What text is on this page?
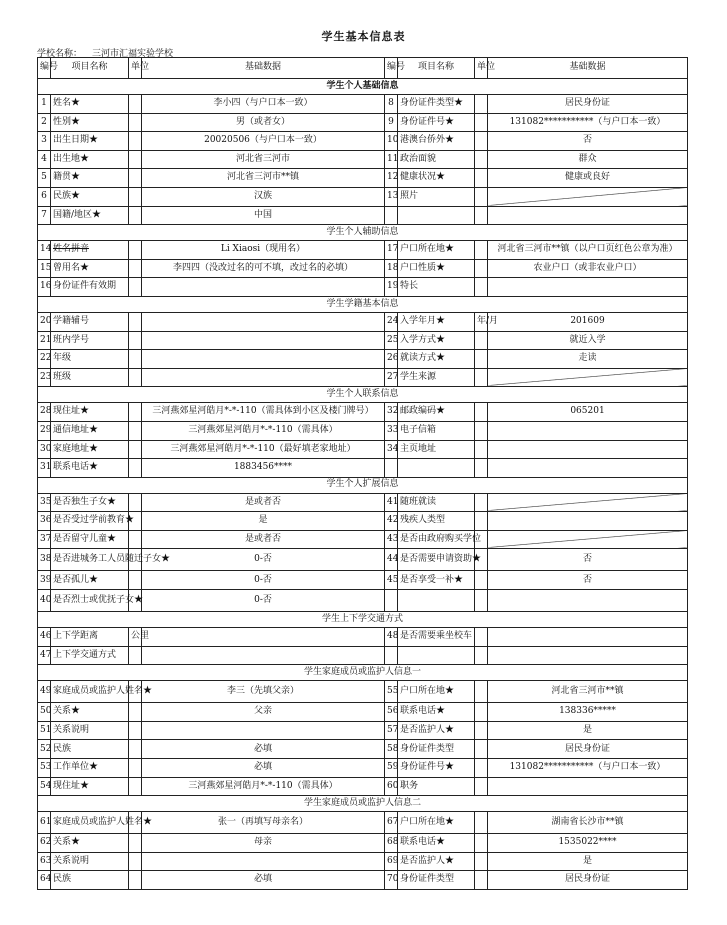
学生基本信息表
学校名称： 三河市汇福实验学校
编号	项目名称	单位	基础数据	编号	项目名称	单位	基础数据
学生个人基础信息							
1	姓名★		李小四（与户口本一致）	8	身份证件类型★		居民身份证
2	性别★		男（或者女）	9	身份证件号★		131082***********（与户口本一致）
3	出生日期★		20020506（与户口本一致）	10	港澳台侨外★		否
4	出生地★		河北省三河市	11	政治面貌		群众
5	籍贯★		河北省三河市**镇	12	健康状况★		健康或良好
6	民族★		汉族	13	照片		
7	国籍/地区★		中国				
学生个人辅助信息							
14	姓名拼音		Li Xiaosi（现用名）	17	户口所在地★		河北省三河市**镇（以户口页红色公章为准）
15	曾用名★		李四四（没改过名的可不填，改过名的必填）	18	户口性质★		农业户口（或非农业户口）
16	身份证件有效期			19	特长		
学生学籍基本信息							
20	学籍辅号			24	入学年月★	年/月	201609
21	班内学号			25	入学方式★		就近入学
22	年级			26	就读方式★		走读
23	班级			27	学生来源		
学生个人联系信息							
28	现住址★		三河燕郊星河皓月*-*-110（需具体到小区及楼门牌号）	32	邮政编码★		065201
29	通信地址★		三河燕郊星河皓月*-*-110（需具体）	33	电子信箱		
30	家庭地址★		三河燕郊星河皓月*-*-110（最好填老家地址）	34	主页地址		
31	联系电话★		1883456****				
学生个人扩展信息							
35	是否独生子女★		是或者否	41	随班就读		
36	是否受过学前教育★		是	42	残疾人类型		
37	是否留守儿童★		是或者否	43	是否由政府购买学位		
38	是否进城务工人员随迁子女★		0-否	44	是否需要申请资助★		否
39	是否孤儿★		0-否	45	是否享受一补★		否
40	是否烈士或优抚子女★		0-否				
学生上下学交通方式							
46	上下学距离	公里		48	是否需要乘坐校车		
47	上下学交通方式						
学生家庭成员或监护人信息一							
49	家庭成员或监护人姓名★		李三（先填父亲）	55	户口所在地★		河北省三河市**镇
50	关系★		父亲	56	联系电话★		138336*****
51	关系说明			57	是否监护人★		是
52	民族		必填	58	身份证件类型		居民身份证
53	工作单位★		必填	59	身份证件号★		131082***********（与户口本一致）
54	现住址★		三河燕郊星河皓月*-*-110（需具体）	60	职务		
学生家庭成员或监护人信息二							
61	家庭成员或监护人姓名★		张一（再填写母亲名）	67	户口所在地★		湖南省长沙市**镇
62	关系★		母亲	68	联系电话★		1535022****
63	关系说明			69	是否监护人★		是
64	民族		必填	70	身份证件类型		居民身份证
